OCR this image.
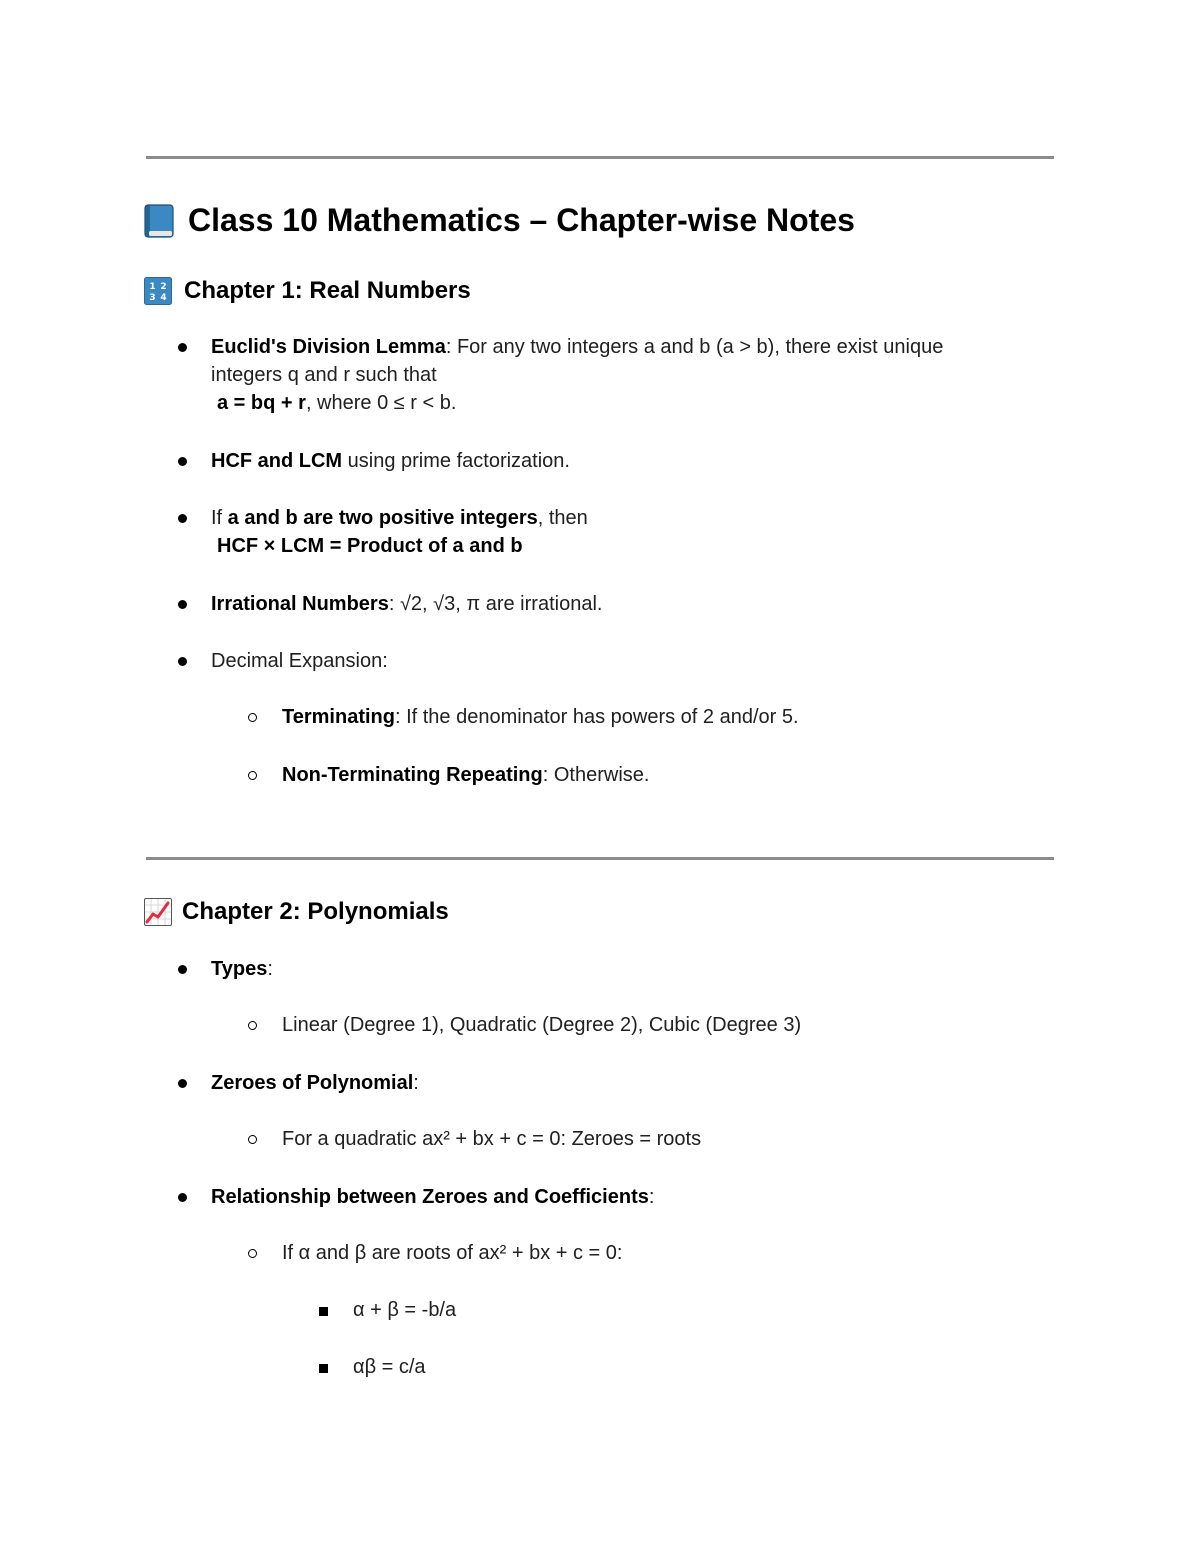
Class 10 Mathematics – Chapter-wise Notes
1 2
3 4 Chapter 1: Real Numbers
Euclid's Division Lemma: For any two integers a and b (a > b), there exist unique
integers q and r such that
a = bq + r, where 0 ≤ r < b.
HCF and LCM using prime factorization.
If a and b are two positive integers, then
HCF × LCM = Product of a and b
Irrational Numbers: √2, √3, π are irrational.
Decimal Expansion:
Terminating: If the denominator has powers of 2 and/or 5.
Non-Terminating Repeating: Otherwise.
Chapter 2: Polynomials
Types:
Linear (Degree 1), Quadratic (Degree 2), Cubic (Degree 3)
Zeroes of Polynomial:
For a quadratic ax² + bx + c = 0: Zeroes = roots
Relationship between Zeroes and Coefficients:
If α and β are roots of ax² + bx + c = 0:
α + β = -b/a
αβ = c/a
